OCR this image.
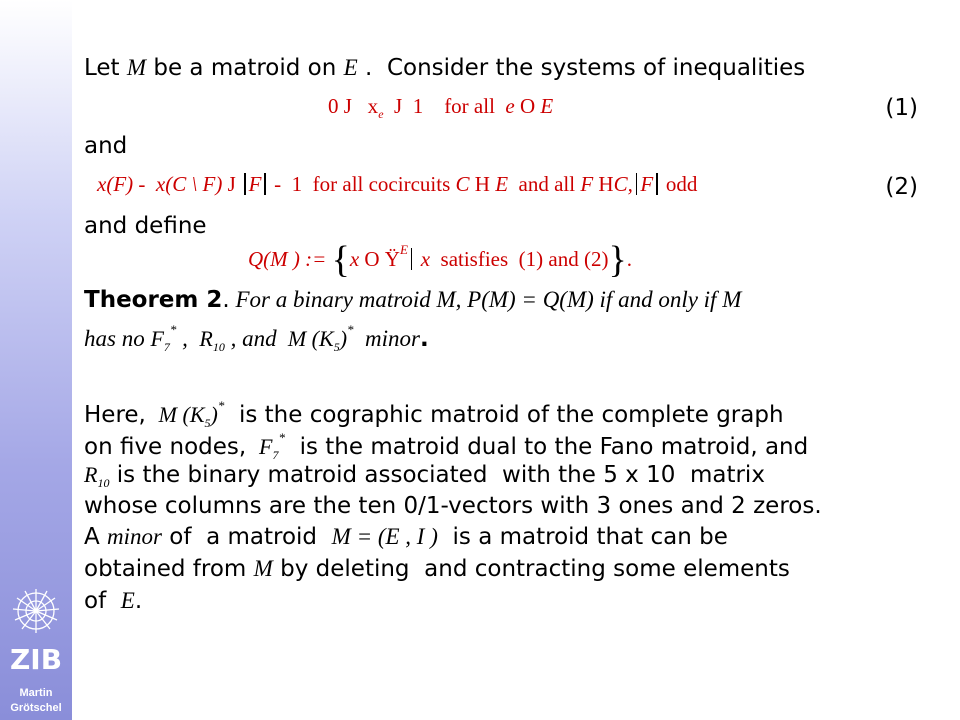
ZIB
Martin
Grötschel
Let M be a matroid on E .  Consider the systems of inequalities
0 J   $x_e$  J  1    for all  e O E	(1)
and
x(F) -  x(C \ F) J F -  1  for all cocircuits C H E  and all F HC, F odd	(2)
and define
Q(M ) := {x O $Ÿ^E$ x  satisfies  (1) and (2)}.
Theorem 2. For a binary matroid M, P(M) = Q(M) if and only if M
has no $F_7^*$ ,  $R_{10}$ , and  M $(K_5)^*$  minor.
Here,  M $(K_5)^*$  is the cographic matroid of the complete graph
on five nodes,  $F_7^*$  is the matroid dual to the Fano matroid, and
$R_{10}$ is the binary matroid associated  with the 5 x 10  matrix
whose columns are the ten 0/1-vectors with 3 ones and 2 zeros.
A minor of  a matroid  M = (E , I )  is a matroid that can be
obtained from M by deleting  and contracting some elements
of  E.
